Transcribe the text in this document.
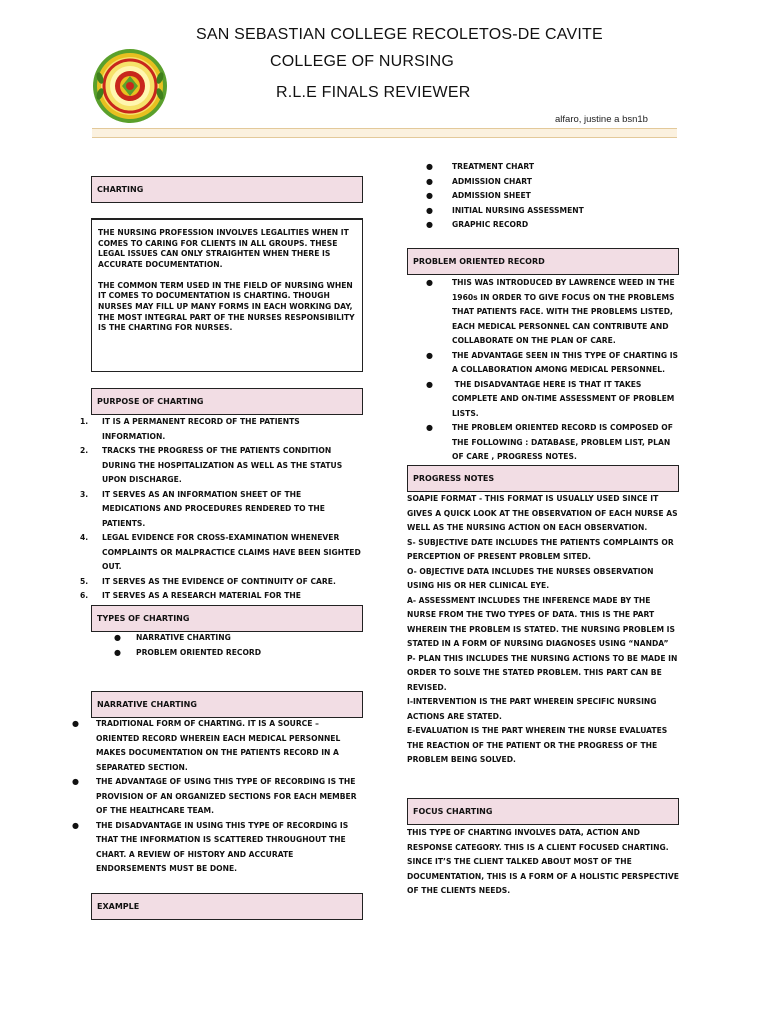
SAN SEBASTIAN COLLEGE RECOLETOS-DE CAVITE
COLLEGE OF NURSING
R.L.E FINALS REVIEWER
alfaro, justine a bsn1b
CHARTING

THE NURSING PROFESSION INVOLVES LEGALITIES WHEN IT COMES TO CARING FOR CLIENTS IN ALL GROUPS. THESE LEGAL ISSUES CAN ONLY STRAIGHTEN WHEN THERE IS ACCURATE DOCUMENTATION.

THE COMMON TERM USED IN THE FIELD OF NURSING WHEN IT COMES TO DOCUMENTATION IS CHARTING. THOUGH NURSES MAY FILL UP MANY FORMS IN EACH WORKING DAY, THE MOST INTEGRAL PART OF THE NURSES RESPONSIBILITY IS THE CHARTING FOR NURSES.

PURPOSE OF CHARTING
1. IT IS A PERMANENT RECORD OF THE PATIENTS INFORMATION.

2. TRACKS THE PROGRESS OF THE PATIENTS CONDITION DURING THE HOSPITALIZATION AS WELL AS THE STATUS UPON DISCHARGE.

3. IT SERVES AS AN INFORMATION SHEET OF THE MEDICATIONS AND PROCEDURES RENDERED TO THE PATIENTS.

4. LEGAL EVIDENCE FOR CROSS-EXAMINATION WHENEVER COMPLAINTS OR MALPRACTICE CLAIMS HAVE BEEN SIGHTED OUT.

5. IT SERVES AS THE EVIDENCE OF CONTINUITY OF CARE.

6. IT SERVES AS A RESEARCH MATERIAL FOR THE

TYPES OF CHARTING
● NARRATIVE CHARTING

● PROBLEM ORIENTED RECORD

NARRATIVE CHARTING
● TRADITIONAL FORM OF CHARTING. IT IS A SOURCE – ORIENTED RECORD WHEREIN EACH MEDICAL PERSONNEL MAKES DOCUMENTATION ON THE PATIENTS RECORD IN A SEPARATED SECTION.

● THE ADVANTAGE OF USING THIS TYPE OF RECORDING IS THE PROVISION OF AN ORGANIZED SECTIONS FOR EACH MEMBER OF THE HEALTHCARE TEAM.

● THE DISADVANTAGE IN USING THIS TYPE OF RECORDING IS THAT THE INFORMATION IS SCATTERED THROUGHOUT THE CHART. A REVIEW OF HISTORY AND ACCURATE ENDORSEMENTS MUST BE DONE.

EXAMPLE
●	TREATMENT CHART

●	ADMISSION CHART

●	ADMISSION SHEET

●	INITIAL NURSING ASSESSMENT

●	GRAPHIC RECORD

PROBLEM ORIENTED RECORD
●	THIS WAS INTRODUCED BY LAWRENCE WEED IN THE 1960s IN ORDER TO GIVE FOCUS ON THE PROBLEMS THAT PATIENTS FACE. WITH THE PROBLEMS LISTED, EACH MEDICAL PERSONNEL CAN CONTRIBUTE AND COLLABORATE ON THE PLAN OF CARE.

●	THE ADVANTAGE SEEN IN THIS TYPE OF CHARTING IS A COLLABORATION AMONG MEDICAL PERSONNEL.

●	THE DISADVANTAGE HERE IS THAT IT TAKES COMPLETE AND ON-TIME ASSESSMENT OF PROBLEM LISTS.

●	THE PROBLEM ORIENTED RECORD IS COMPOSED OF THE FOLLOWING : DATABASE, PROBLEM LIST, PLAN OF CARE , PROGRESS NOTES.

PROGRESS NOTES

SOAPIE FORMAT - THIS FORMAT IS USUALLY USED SINCE IT GIVES A QUICK LOOK AT THE OBSERVATION OF EACH NURSE AS WELL AS THE NURSING ACTION ON EACH OBSERVATION.

S- SUBJECTIVE DATE INCLUDES THE PATIENTS COMPLAINTS OR PERCEPTION OF PRESENT PROBLEM SITED.

O- OBJECTIVE DATA INCLUDES THE NURSES OBSERVATION USING HIS OR HER CLINICAL EYE.

A- ASSESSMENT INCLUDES THE INFERENCE MADE BY THE NURSE FROM THE TWO TYPES OF DATA. THIS IS THE PART WHEREIN THE PROBLEM IS STATED. THE NURSING PROBLEM IS STATED IN A FORM OF NURSING DIAGNOSES USING “NANDA”

P- PLAN THIS INCLUDES THE NURSING ACTIONS TO BE MADE IN ORDER TO SOLVE THE STATED PROBLEM. THIS PART CAN BE REVISED.

I-INTERVENTION IS THE PART WHEREIN SPECIFIC NURSING ACTIONS ARE STATED.

E-EVALUATION IS THE PART WHEREIN THE NURSE EVALUATES THE REACTION OF THE PATIENT OR THE PROGRESS OF THE PROBLEM BEING SOLVED.

FOCUS CHARTING

THIS TYPE OF CHARTING INVOLVES DATA, ACTION AND RESPONSE CATEGORY. THIS IS A CLIENT FOCUSED CHARTING. SINCE IT’S THE CLIENT TALKED ABOUT MOST OF THE DOCUMENTATION, THIS IS A FORM OF A HOLISTIC PERSPECTIVE OF THE CLIENTS NEEDS.
